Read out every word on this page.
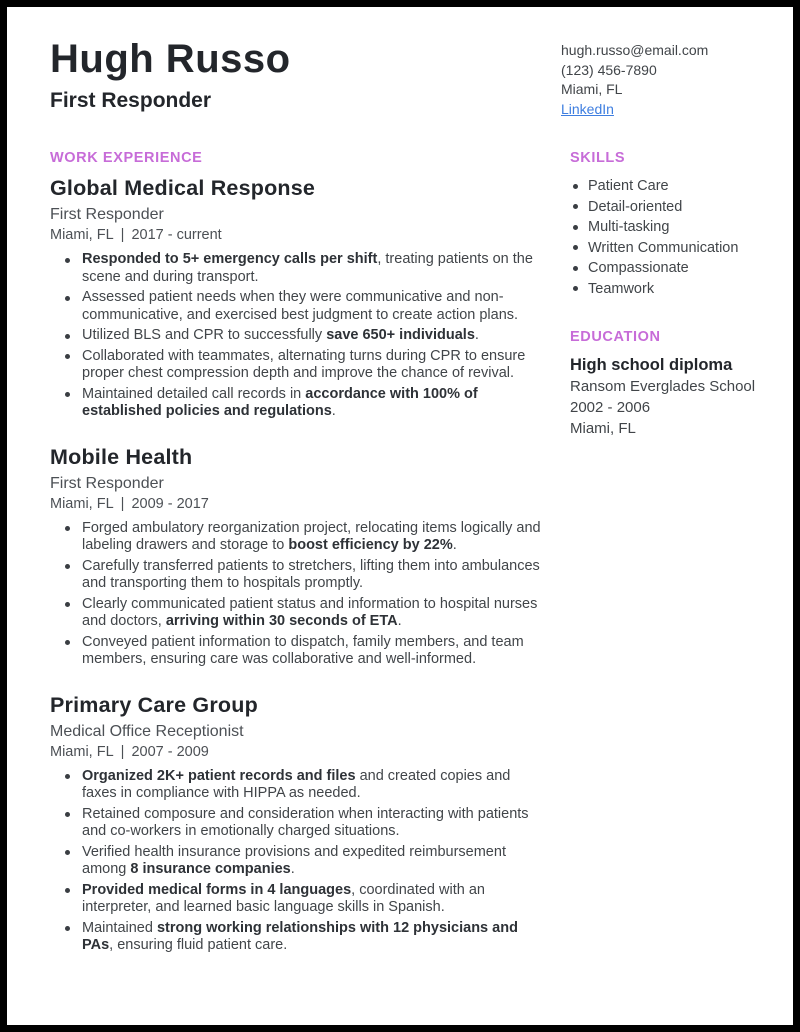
Hugh Russo
First Responder
hugh.russo@email.com
(123) 456-7890
Miami, FL
LinkedIn
WORK EXPERIENCE
Global Medical Response
First Responder
Miami, FL | 2017 - current
Responded to 5+ emergency calls per shift, treating patients on the scene and during transport.
Assessed patient needs when they were communicative and non-communicative, and exercised best judgment to create action plans.
Utilized BLS and CPR to successfully save 650+ individuals.
Collaborated with teammates, alternating turns during CPR to ensure proper chest compression depth and improve the chance of revival.
Maintained detailed call records in accordance with 100% of established policies and regulations.
Mobile Health
First Responder
Miami, FL | 2009 - 2017
Forged ambulatory reorganization project, relocating items logically and labeling drawers and storage to boost efficiency by 22%.
Carefully transferred patients to stretchers, lifting them into ambulances and transporting them to hospitals promptly.
Clearly communicated patient status and information to hospital nurses and doctors, arriving within 30 seconds of ETA.
Conveyed patient information to dispatch, family members, and team members, ensuring care was collaborative and well-informed.
Primary Care Group
Medical Office Receptionist
Miami, FL | 2007 - 2009
Organized 2K+ patient records and files and created copies and faxes in compliance with HIPPA as needed.
Retained composure and consideration when interacting with patients and co-workers in emotionally charged situations.
Verified health insurance provisions and expedited reimbursement among 8 insurance companies.
Provided medical forms in 4 languages, coordinated with an interpreter, and learned basic language skills in Spanish.
Maintained strong working relationships with 12 physicians and PAs, ensuring fluid patient care.
SKILLS
Patient Care
Detail-oriented
Multi-tasking
Written Communication
Compassionate
Teamwork
EDUCATION
High school diploma
Ransom Everglades School
2002 - 2006
Miami, FL
